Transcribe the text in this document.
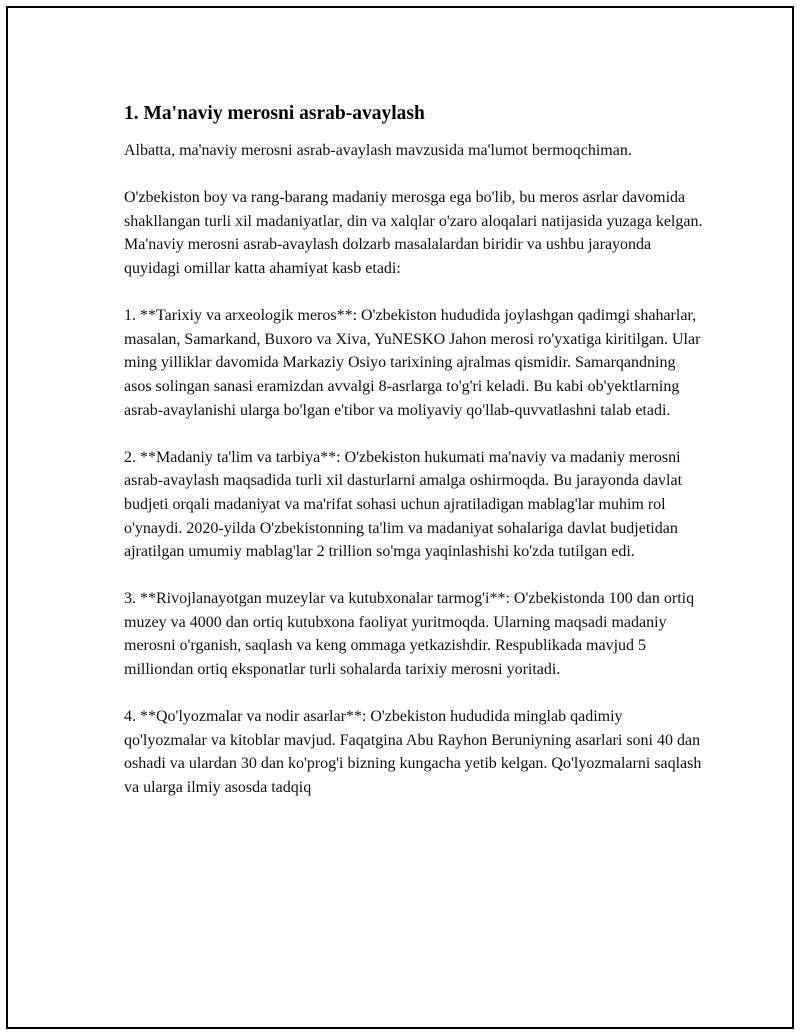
1. Ma'naviy merosni asrab-avaylash

Albatta, ma'naviy merosni asrab-avaylash mavzusida ma'lumot bermoqchiman.

O'zbekiston boy va rang-barang madaniy merosga ega bo'lib, bu meros asrlar davomida shakllangan turli xil madaniyatlar, din va xalqlar o'zaro aloqalari natijasida yuzaga kelgan. Ma'naviy merosni asrab-avaylash dolzarb masalalardan biridir va ushbu jarayonda quyidagi omillar katta ahamiyat kasb etadi:

1. **Tarixiy va arxeologik meros**: O'zbekiston hududida joylashgan qadimgi shaharlar, masalan, Samarkand, Buxoro va Xiva, YuNESKO Jahon merosi ro'yxatiga kiritilgan. Ular ming yilliklar davomida Markaziy Osiyo tarixining ajralmas qismidir. Samarqandning asos solingan sanasi eramizdan avvalgi 8-asrlarga to'g'ri keladi. Bu kabi ob'yektlarning asrab-avaylanishi ularga bo'lgan e'tibor va moliyaviy qo'llab-quvvatlashni talab etadi.

2. **Madaniy ta'lim va tarbiya**: O'zbekiston hukumati ma'naviy va madaniy merosni asrab-avaylash maqsadida turli xil dasturlarni amalga oshirmoqda. Bu jarayonda davlat budjeti orqali madaniyat va ma'rifat sohasi uchun ajratiladigan mablag'lar muhim rol o'ynaydi. 2020-yilda O'zbekistonning ta'lim va madaniyat sohalariga davlat budjetidan ajratilgan umumiy mablag'lar 2 trillion so'mga yaqinlashishi ko'zda tutilgan edi.

3. **Rivojlanayotgan muzeylar va kutubxonalar tarmog'i**: O'zbekistonda 100 dan ortiq muzey va 4000 dan ortiq kutubxona faoliyat yuritmoqda. Ularning maqsadi madaniy merosni o'rganish, saqlash va keng ommaga yetkazishdir. Respublikada mavjud 5 milliondan ortiq eksponatlar turli sohalarda tarixiy merosni yoritadi.

4. **Qo'lyozmalar va nodir asarlar**: O'zbekiston hududida minglab qadimiy qo'lyozmalar va kitoblar mavjud. Faqatgina Abu Rayhon Beruniyning asarlari soni 40 dan oshadi va ulardan 30 dan ko'prog'i bizning kungacha yetib kelgan. Qo'lyozmalarni saqlash va ularga ilmiy asosda tadqiq
